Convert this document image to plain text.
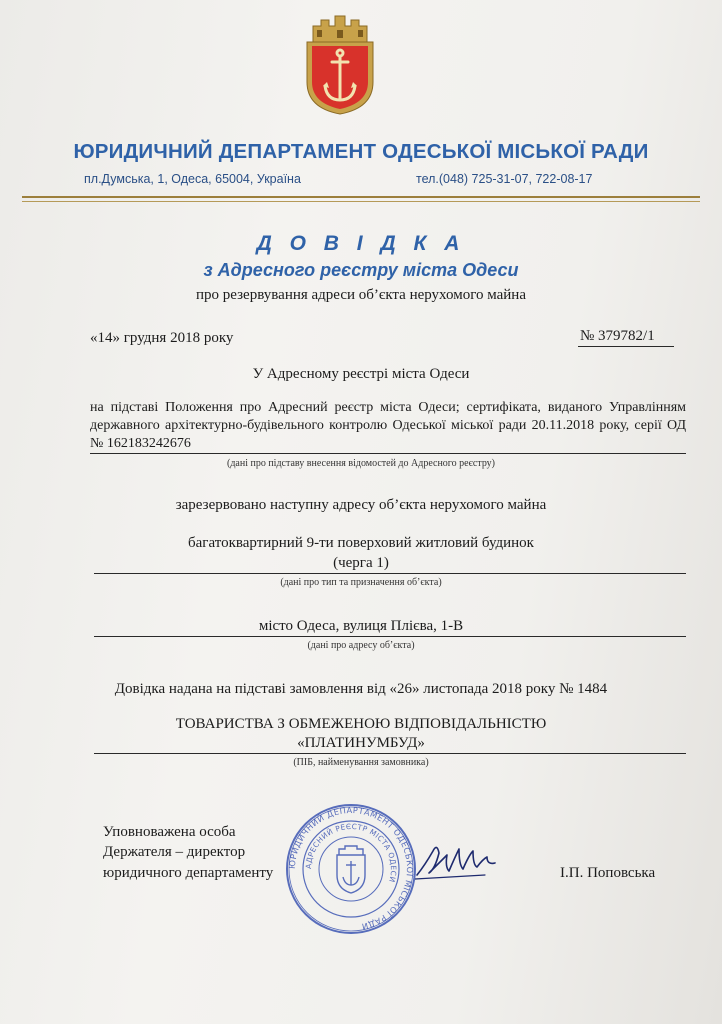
ЮРИДИЧНИЙ ДЕПАРТАМЕНТ ОДЕСЬКОЇ МІСЬКОЇ РАДИ
пл.Думська, 1, Одеса, 65004, Україна	тел.(048) 725-31-07, 722-08-17
Д О В І Д К А
з Адресного реєстру міста Одеси
про резервування адреси об’єкта нерухомого майна
«14» грудня 2018 року	№ 379782/1
У Адресному реєстрі міста Одеси
на підставі Положення про Адресний реєстр міста Одеси; сертифіката, виданого Управлінням державного архітектурно-будівельного контролю Одеської міської ради 20.11.2018 року, серії ОД № 162183242676
(дані про підставу внесення відомостей до Адресного реєстру)
зарезервовано наступну адресу об’єкта нерухомого майна
багатоквартирний 9-ти поверховий житловий будинок
(черга 1)
(дані про тип та призначення об’єкта)
місто Одеса, вулиця Плієва, 1-В
(дані про адресу об’єкта)
Довідка надана на підставі замовлення від «26» листопада 2018 року № 1484
ТОВАРИСТВА З ОБМЕЖЕНОЮ ВІДПОВІДАЛЬНІСТЮ
«ПЛАТИНУМБУД»
(ПІБ, найменування замовника)
Уповноважена особа
Держателя – директор
юридичного департаменту	І.П. Поповська
ЮРИДИЧНИЙ ДЕПАРТАМЕНТ ОДЕСЬКОЇ МІСЬКОЇ РАДИ
АДРЕСНИЙ РЕЄСТР МІСТА ОДЕСИ
